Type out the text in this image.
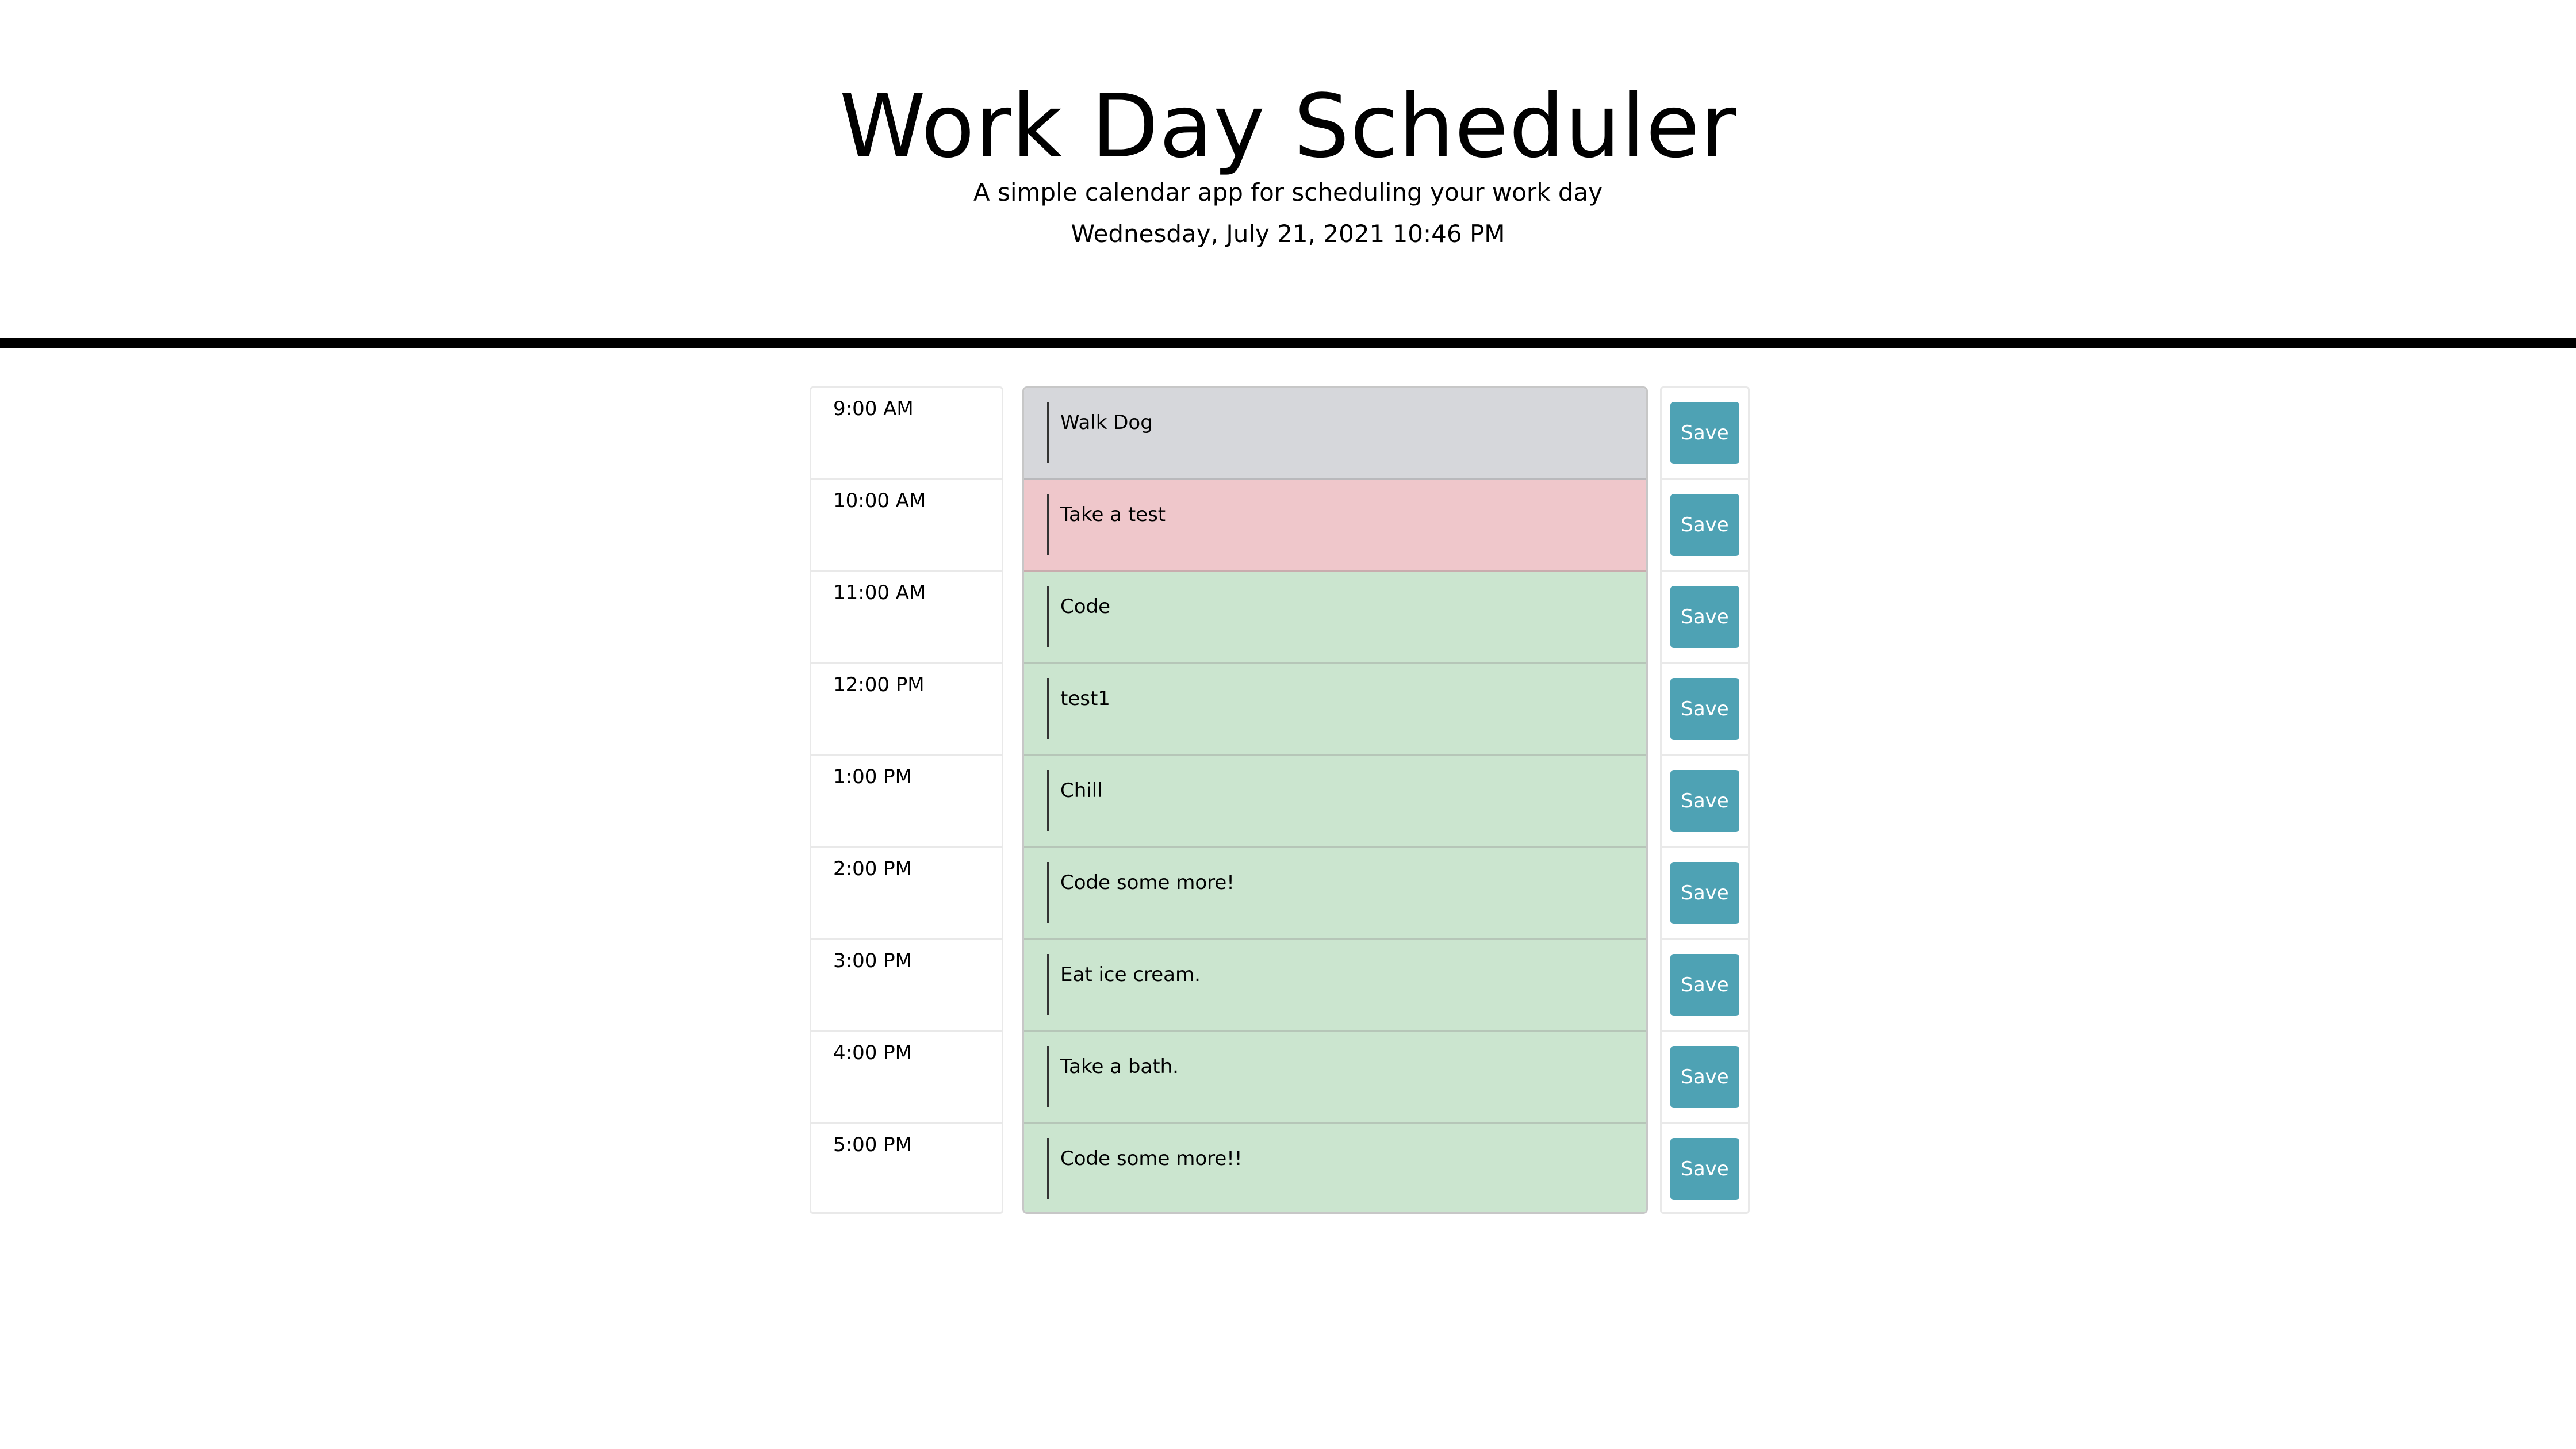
Work Day Scheduler
A simple calendar app for scheduling your work day
Wednesday, July 21, 2021 10:46 PM
9:00 AM
10:00 AM
11:00 AM
12:00 PM
1:00 PM
2:00 PM
3:00 PM
4:00 PM
5:00 PM
Walk Dog
Take a test
Code
test1
Chill
Code some more!
Eat ice cream.
Take a bath.
Code some more!!
Save
Save
Save
Save
Save
Save
Save
Save
Save
